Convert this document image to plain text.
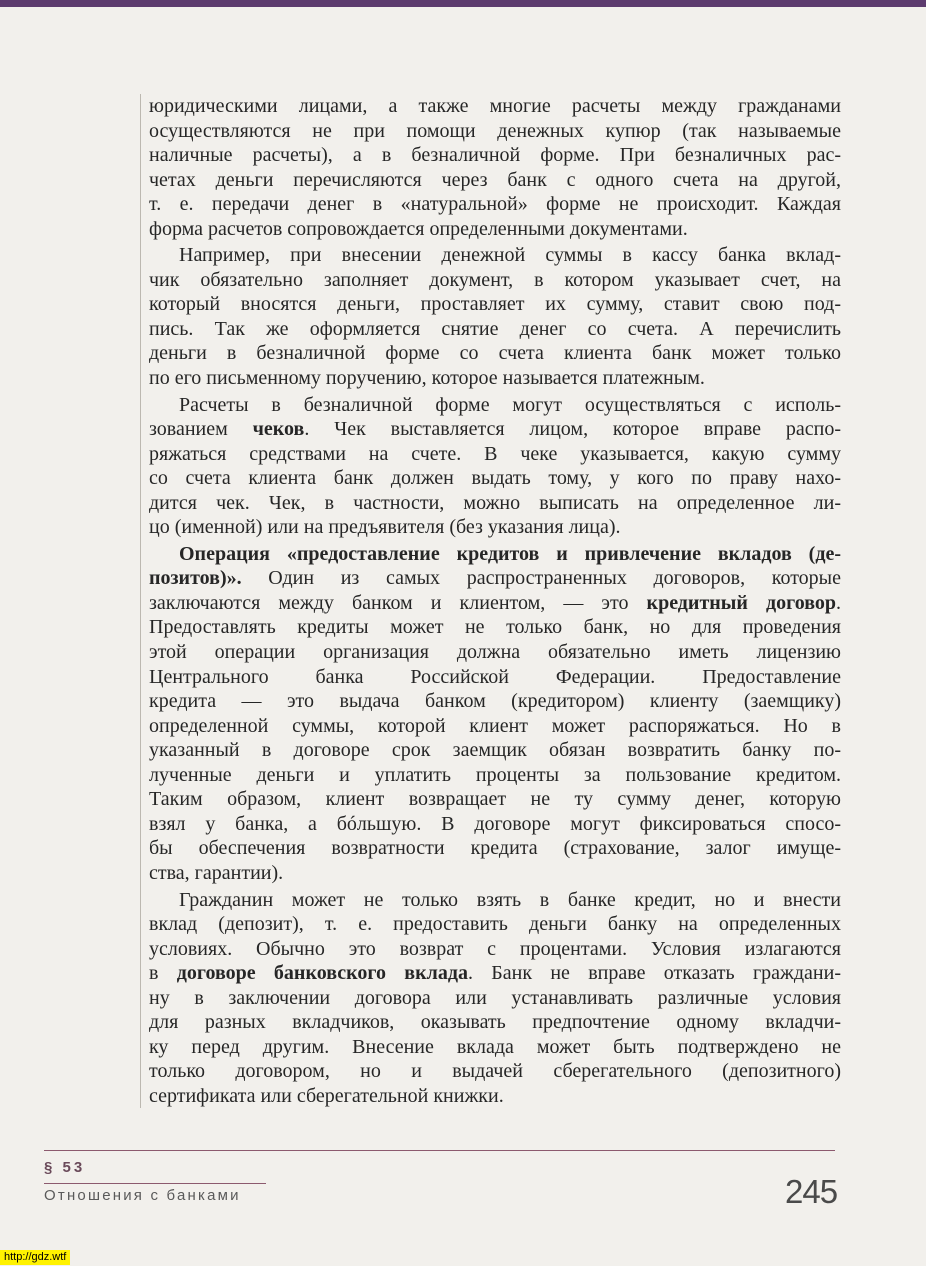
юридическими лицами, а также многие расчеты между гражданами
осуществляются не при помощи денежных купюр (так называемые
наличные расчеты), а в безналичной форме. При безналичных рас-
четах деньги перечисляются через банк с одного счета на другой,
т. е. передачи денег в «натуральной» форме не происходит. Каждая
форма расчетов сопровождается определенными документами.
Например, при внесении денежной суммы в кассу банка вклад-
чик обязательно заполняет документ, в котором указывает счет, на
который вносятся деньги, проставляет их сумму, ставит свою под-
пись. Так же оформляется снятие денег со счета. А перечислить
деньги в безналичной форме со счета клиента банк может только
по его письменному поручению, которое называется платежным.
Расчеты в безналичной форме могут осуществляться с исполь-
зованием чеков. Чек выставляется лицом, которое вправе распо-
ряжаться средствами на счете. В чеке указывается, какую сумму
со счета клиента банк должен выдать тому, у кого по праву нахо-
дится чек. Чек, в частности, можно выписать на определенное ли-
цо (именной) или на предъявителя (без указания лица).
Операция «предоставление кредитов и привлечение вкладов (де-
позитов)». Один из самых распространенных договоров, которые
заключаются между банком и клиентом, — это кредитный договор.
Предоставлять кредиты может не только банк, но для проведения
этой операции организация должна обязательно иметь лицензию
Центрального банка Российской Федерации. Предоставление
кредита — это выдача банком (кредитором) клиенту (заемщику)
определенной суммы, которой клиент может распоряжаться. Но в
указанный в договоре срок заемщик обязан возвратить банку по-
лученные деньги и уплатить проценты за пользование кредитом.
Таким образом, клиент возвращает не ту сумму денег, которую
взял у банка, а бóльшую. В договоре могут фиксироваться спосо-
бы обеспечения возвратности кредита (страхование, залог имуще-
ства, гарантии).
Гражданин может не только взять в банке кредит, но и внести
вклад (депозит), т. е. предоставить деньги банку на определенных
условиях. Обычно это возврат с процентами. Условия излагаются
в договоре банковского вклада. Банк не вправе отказать граждани-
ну в заключении договора или устанавливать различные условия
для разных вкладчиков, оказывать предпочтение одному вкладчи-
ку перед другим. Внесение вклада может быть подтверждено не
только договором, но и выдачей сберегательного (депозитного)
сертификата или сберегательной книжки.
§ 53
Отношения с банками	245
http://gdz.wtf
